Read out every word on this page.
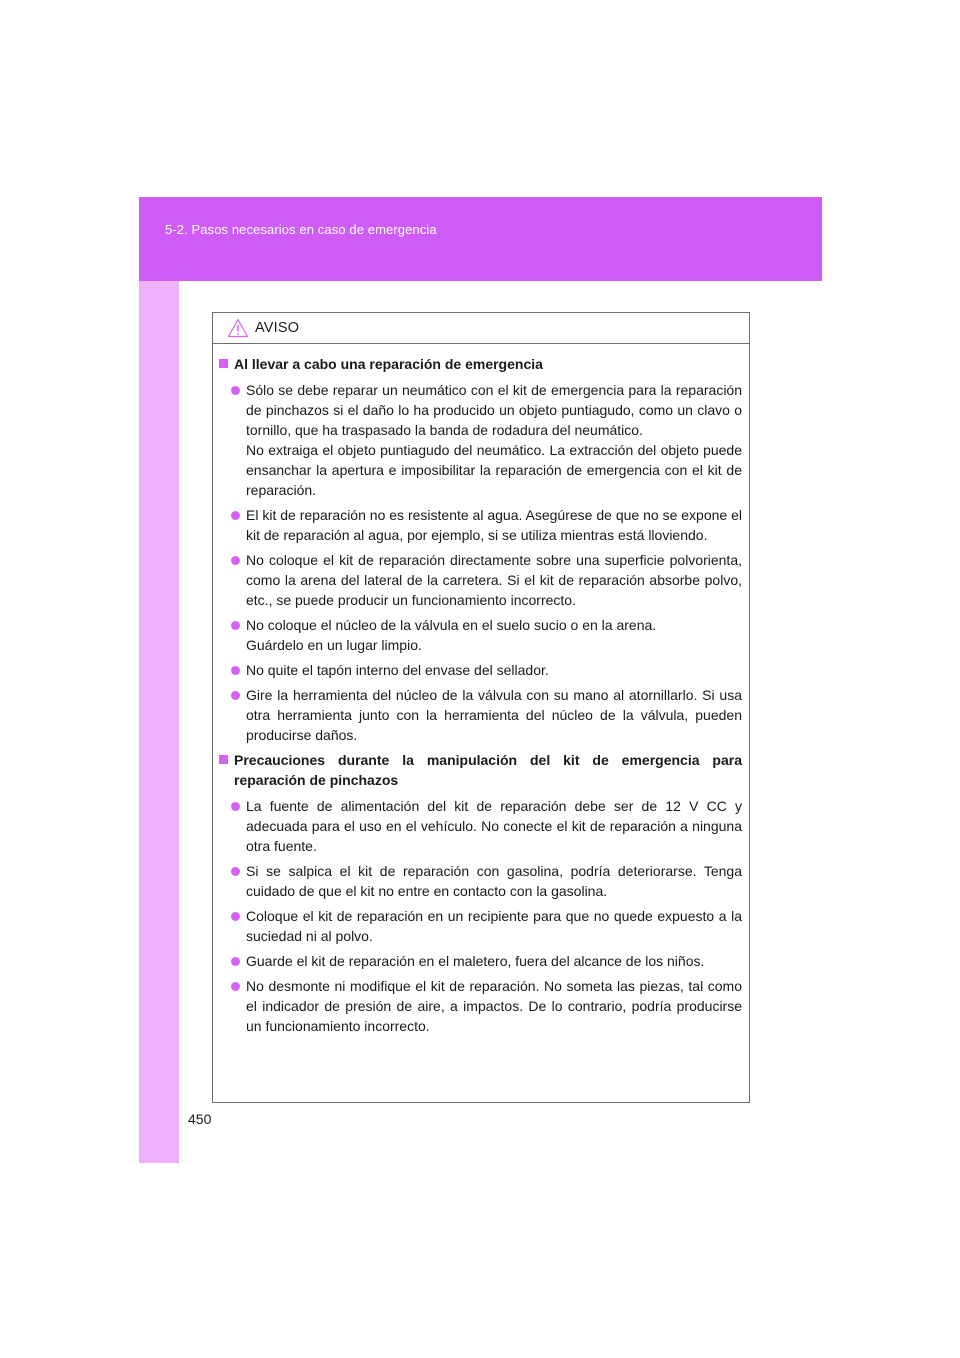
5-2. Pasos necesarios en caso de emergencia
450
AVISO
Al llevar a cabo una reparación de emergencia
Sólo se debe reparar un neumático con el kit de emergencia para la reparación de pinchazos si el daño lo ha producido un objeto puntiagudo, como un clavo o tornillo, que ha traspasado la banda de rodadura del neumático.
No extraiga el objeto puntiagudo del neumático. La extracción del objeto puede ensanchar la apertura e imposibilitar la reparación de emergencia con el kit de reparación.
El kit de reparación no es resistente al agua. Asegúrese de que no se expone el kit de reparación al agua, por ejemplo, si se utiliza mientras está lloviendo.
No coloque el kit de reparación directamente sobre una superficie polvorienta, como la arena del lateral de la carretera. Si el kit de reparación absorbe polvo, etc., se puede producir un funcionamiento incorrecto.
No coloque el núcleo de la válvula en el suelo sucio o en la arena.
Guárdelo en un lugar limpio.
No quite el tapón interno del envase del sellador.
Gire la herramienta del núcleo de la válvula con su mano al atornillarlo. Si usa otra herramienta junto con la herramienta del núcleo de la válvula, pueden producirse daños.
Precauciones durante la manipulación del kit de emergencia para reparación de pinchazos
La fuente de alimentación del kit de reparación debe ser de 12 V CC y adecuada para el uso en el vehículo. No conecte el kit de reparación a ninguna otra fuente.
Si se salpica el kit de reparación con gasolina, podría deteriorarse. Tenga cuidado de que el kit no entre en contacto con la gasolina.
Coloque el kit de reparación en un recipiente para que no quede expuesto a la suciedad ni al polvo.
Guarde el kit de reparación en el maletero, fuera del alcance de los niños.
No desmonte ni modifique el kit de reparación. No someta las piezas, tal como el indicador de presión de aire, a impactos. De lo contrario, podría producirse un funcionamiento incorrecto.
